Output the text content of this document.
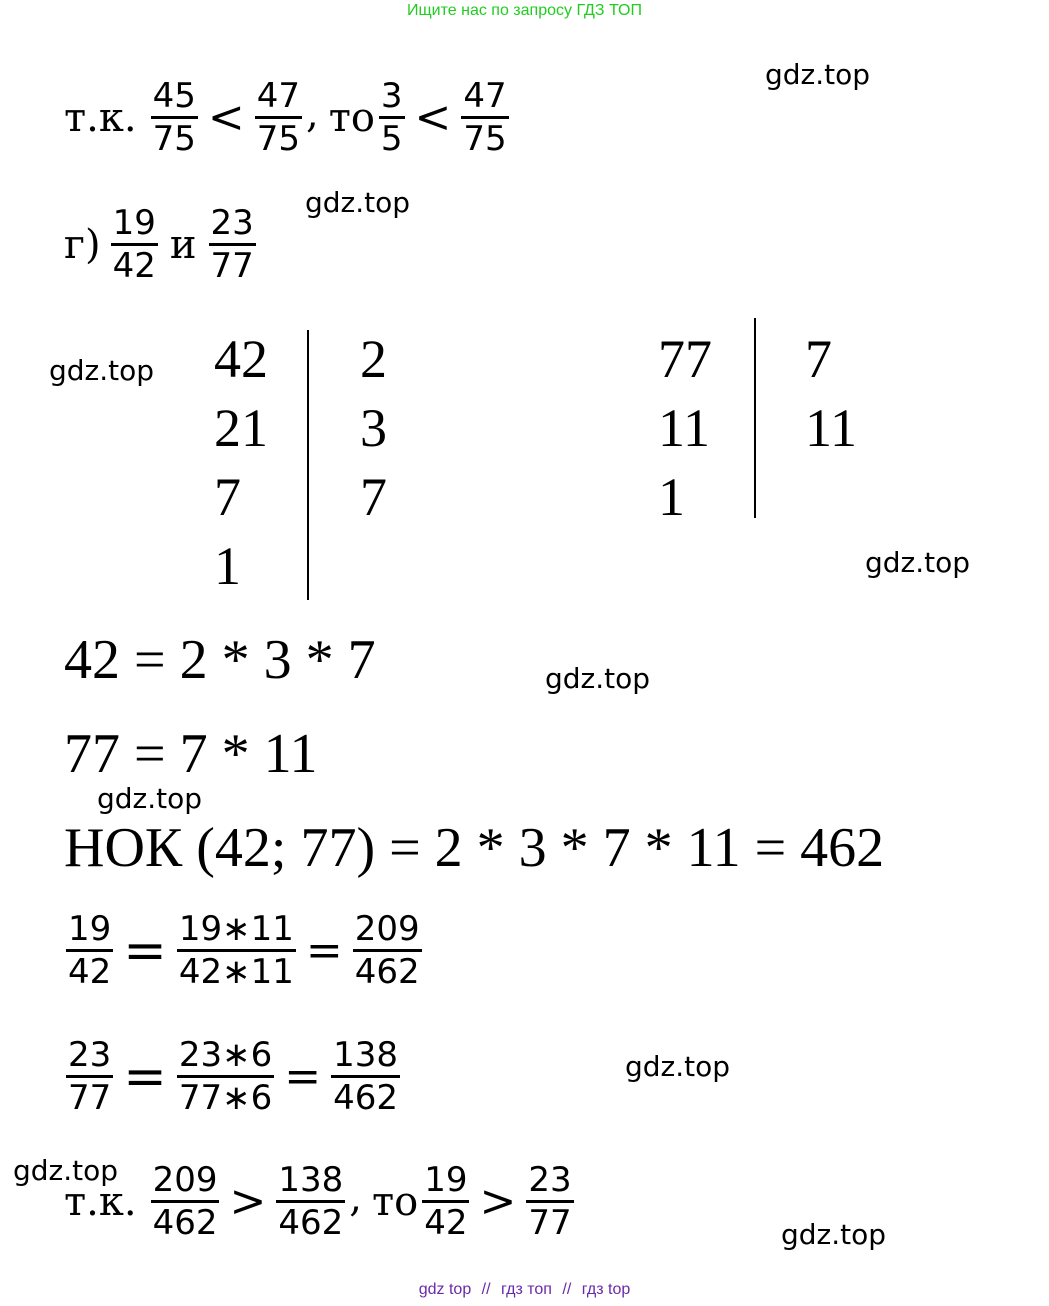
Ищите нас по запросу ГДЗ ТОП
т.к. $\frac{45}{75} < \frac{47}{75}$ , то $\frac{3}{5} < \frac{47}{75}$
$г) \frac{19}{42}$ и $\frac{23}{77}$
42
21
7
1
2
3
7
77
11
1
7
11
42 = 2 * 3 * 7
77 = 7 * 11
НОК (42; 77) = 2 * 3 * 7 * 11 = 462
$\frac{19}{42} = \frac{19∗11}{42∗11} = \frac{209}{462}$
$\frac{23}{77} = \frac{23∗6}{77∗6} = \frac{138}{462}$
т.к. $\frac{209}{462} > \frac{138}{462}$ , то $\frac{19}{42} > \frac{23}{77}$
gdz.top
gdz.top
gdz.top
gdz.top
gdz.top
gdz.top
gdz.top
gdz.top
gdz.top
gdz top // гдз топ // гдз top
